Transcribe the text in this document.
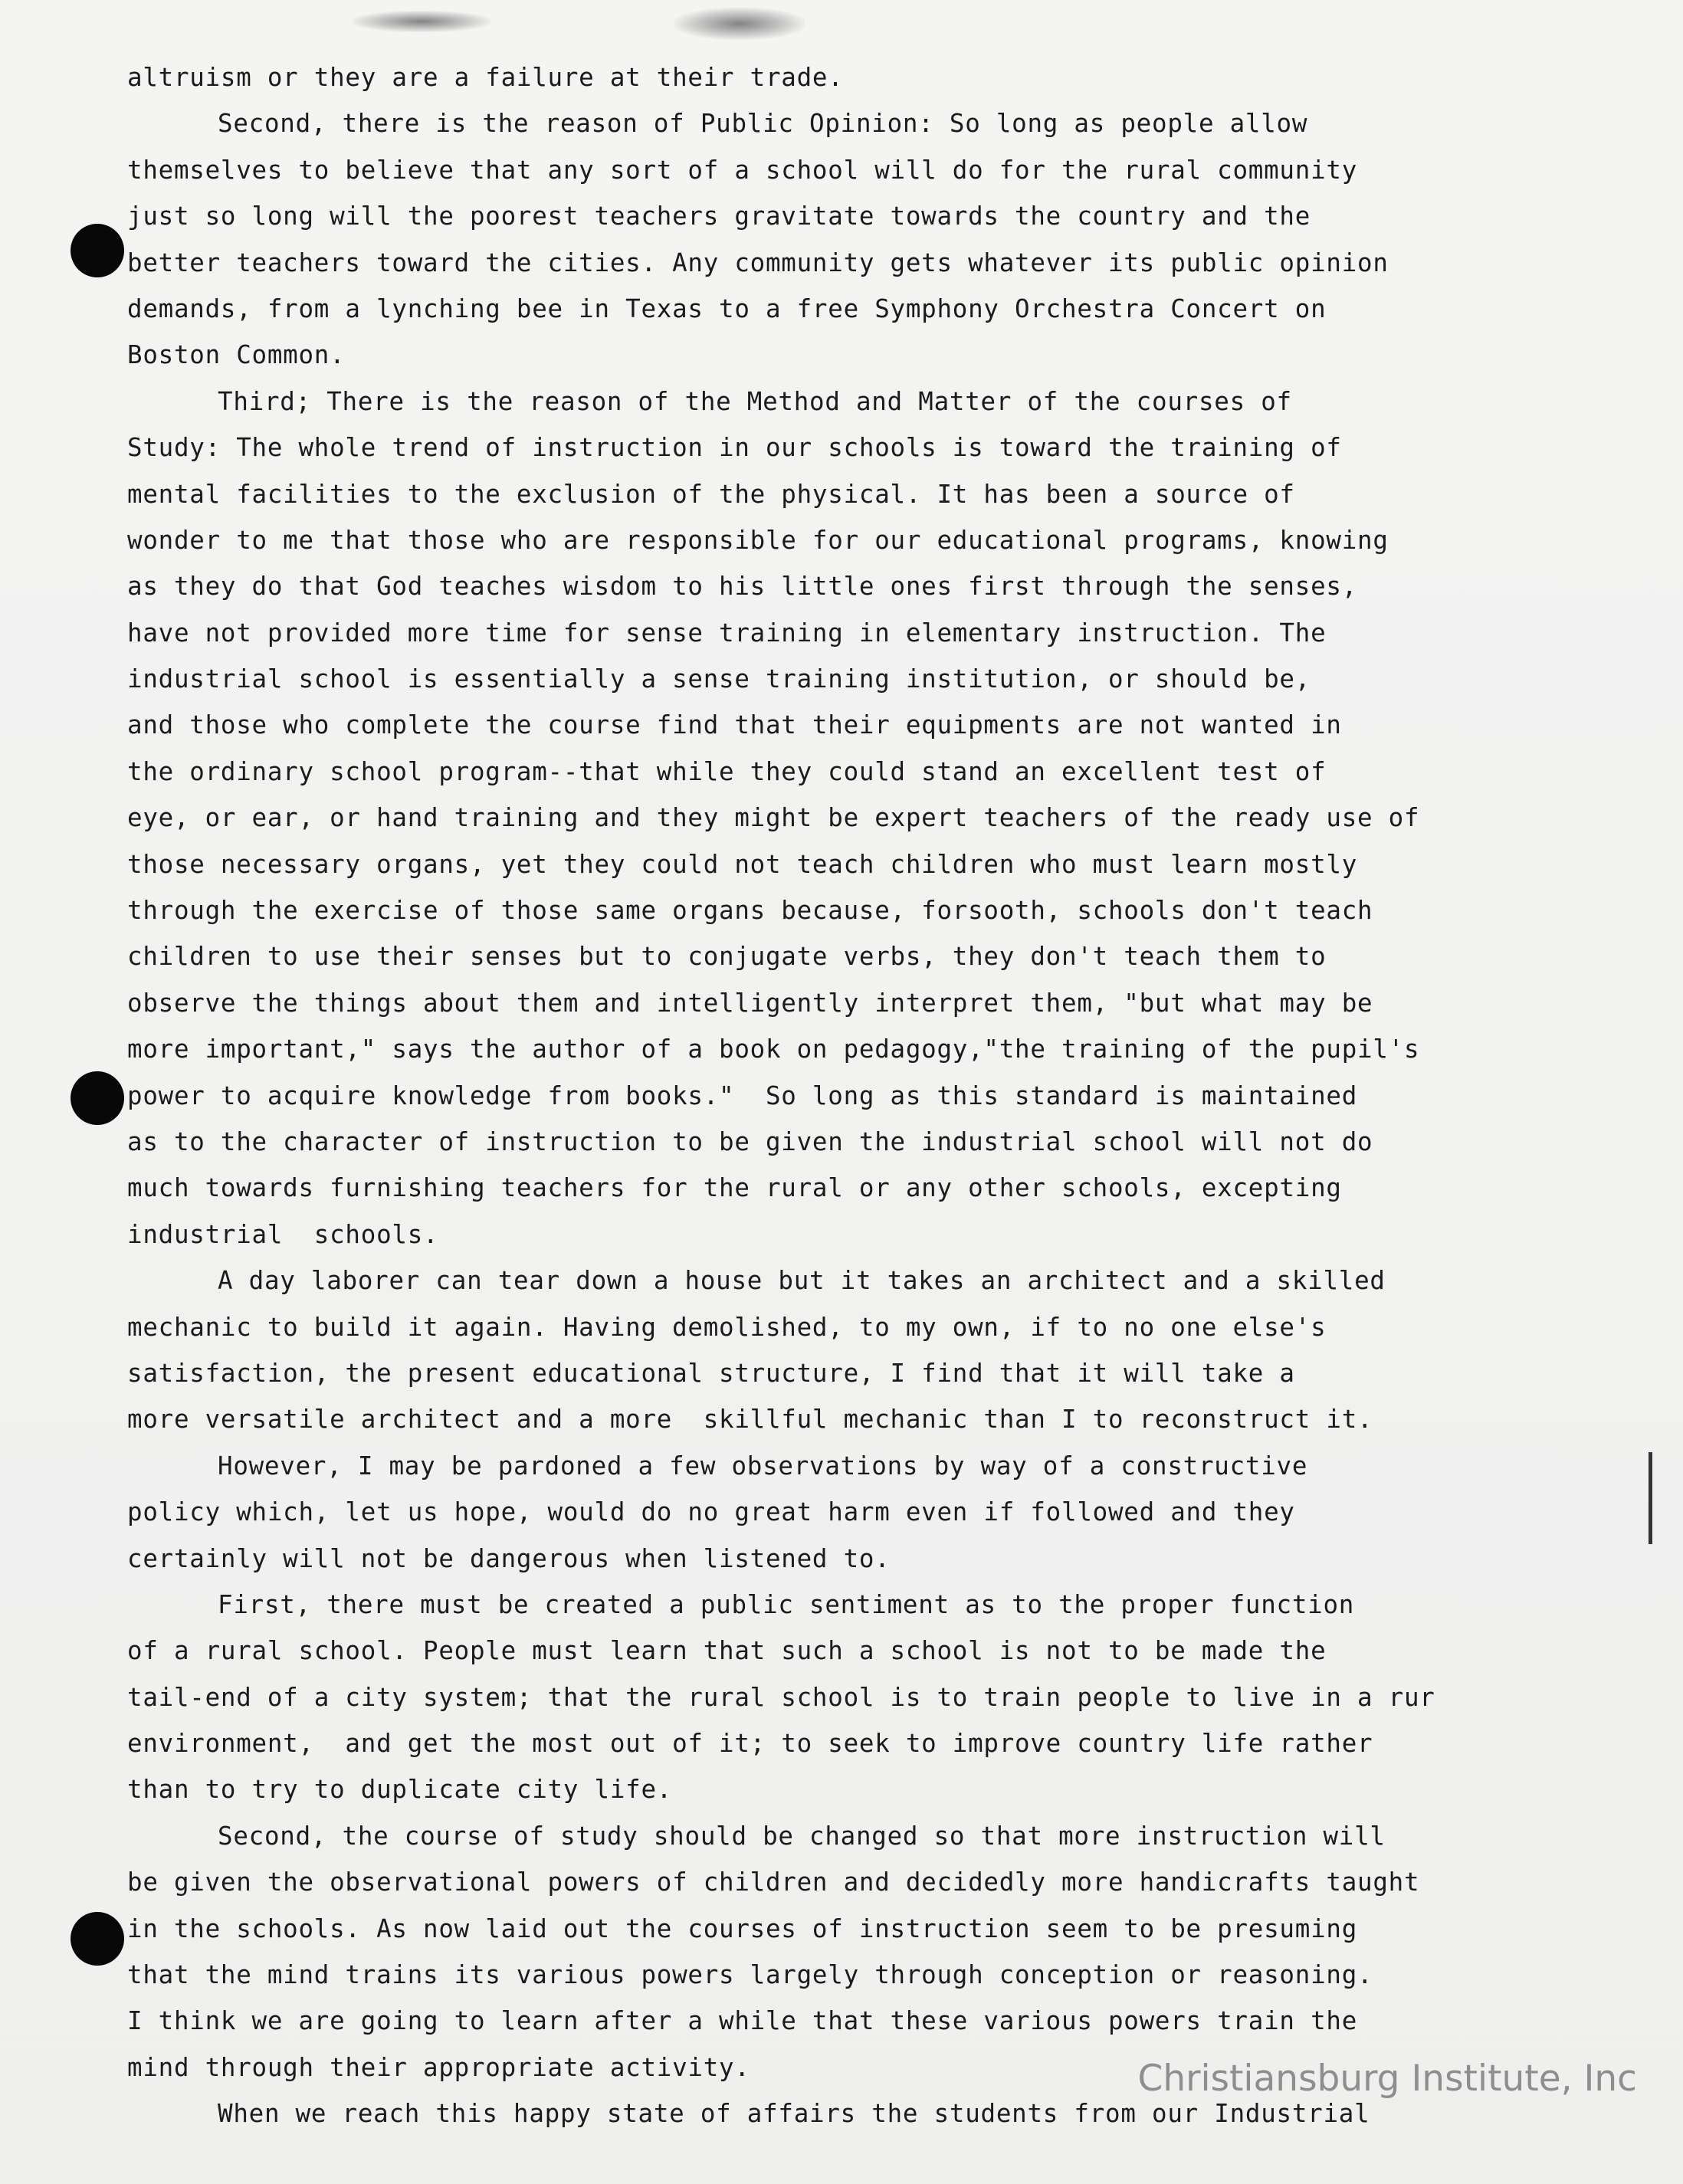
altruism or they are a failure at their trade.
Second, there is the reason of Public Opinion: So long as people allow
themselves to believe that any sort of a school will do for the rural community
just so long will the poorest teachers gravitate towards the country and the
better teachers toward the cities. Any community gets whatever its public opinion
demands, from a lynching bee in Texas to a free Symphony Orchestra Concert on
Boston Common.
Third; There is the reason of the Method and Matter of the courses of
Study: The whole trend of instruction in our schools is toward the training of
mental facilities to the exclusion of the physical. It has been a source of
wonder to me that those who are responsible for our educational programs, knowing
as they do that God teaches wisdom to his little ones first through the senses,
have not provided more time for sense training in elementary instruction. The
industrial school is essentially a sense training institution, or should be,
and those who complete the course find that their equipments are not wanted in
the ordinary school program--that while they could stand an excellent test of
eye, or ear, or hand training and they might be expert teachers of the ready use of
those necessary organs, yet they could not teach children who must learn mostly
through the exercise of those same organs because, forsooth, schools don't teach
children to use their senses but to conjugate verbs, they don't teach them to
observe the things about them and intelligently interpret them, "but what may be
more important," says the author of a book on pedagogy,"the training of the pupil's
power to acquire knowledge from books."  So long as this standard is maintained
as to the character of instruction to be given the industrial school will not do
much towards furnishing teachers for the rural or any other schools, excepting
industrial  schools.
A day laborer can tear down a house but it takes an architect and a skilled
mechanic to build it again. Having demolished, to my own, if to no one else's
satisfaction, the present educational structure, I find that it will take a
more versatile architect and a more  skillful mechanic than I to reconstruct it.
However, I may be pardoned a few observations by way of a constructive
policy which, let us hope, would do no great harm even if followed and they
certainly will not be dangerous when listened to.
First, there must be created a public sentiment as to the proper function
of a rural school. People must learn that such a school is not to be made the
tail-end of a city system; that the rural school is to train people to live in a rur
environment,  and get the most out of it; to seek to improve country life rather
than to try to duplicate city life.
Second, the course of study should be changed so that more instruction will
be given the observational powers of children and decidedly more handicrafts taught
in the schools. As now laid out the courses of instruction seem to be presuming
that the mind trains its various powers largely through conception or reasoning.
I think we are going to learn after a while that these various powers train the
mind through their appropriate activity.
When we reach this happy state of affairs the students from our Industrial
Christiansburg Institute, Inc
